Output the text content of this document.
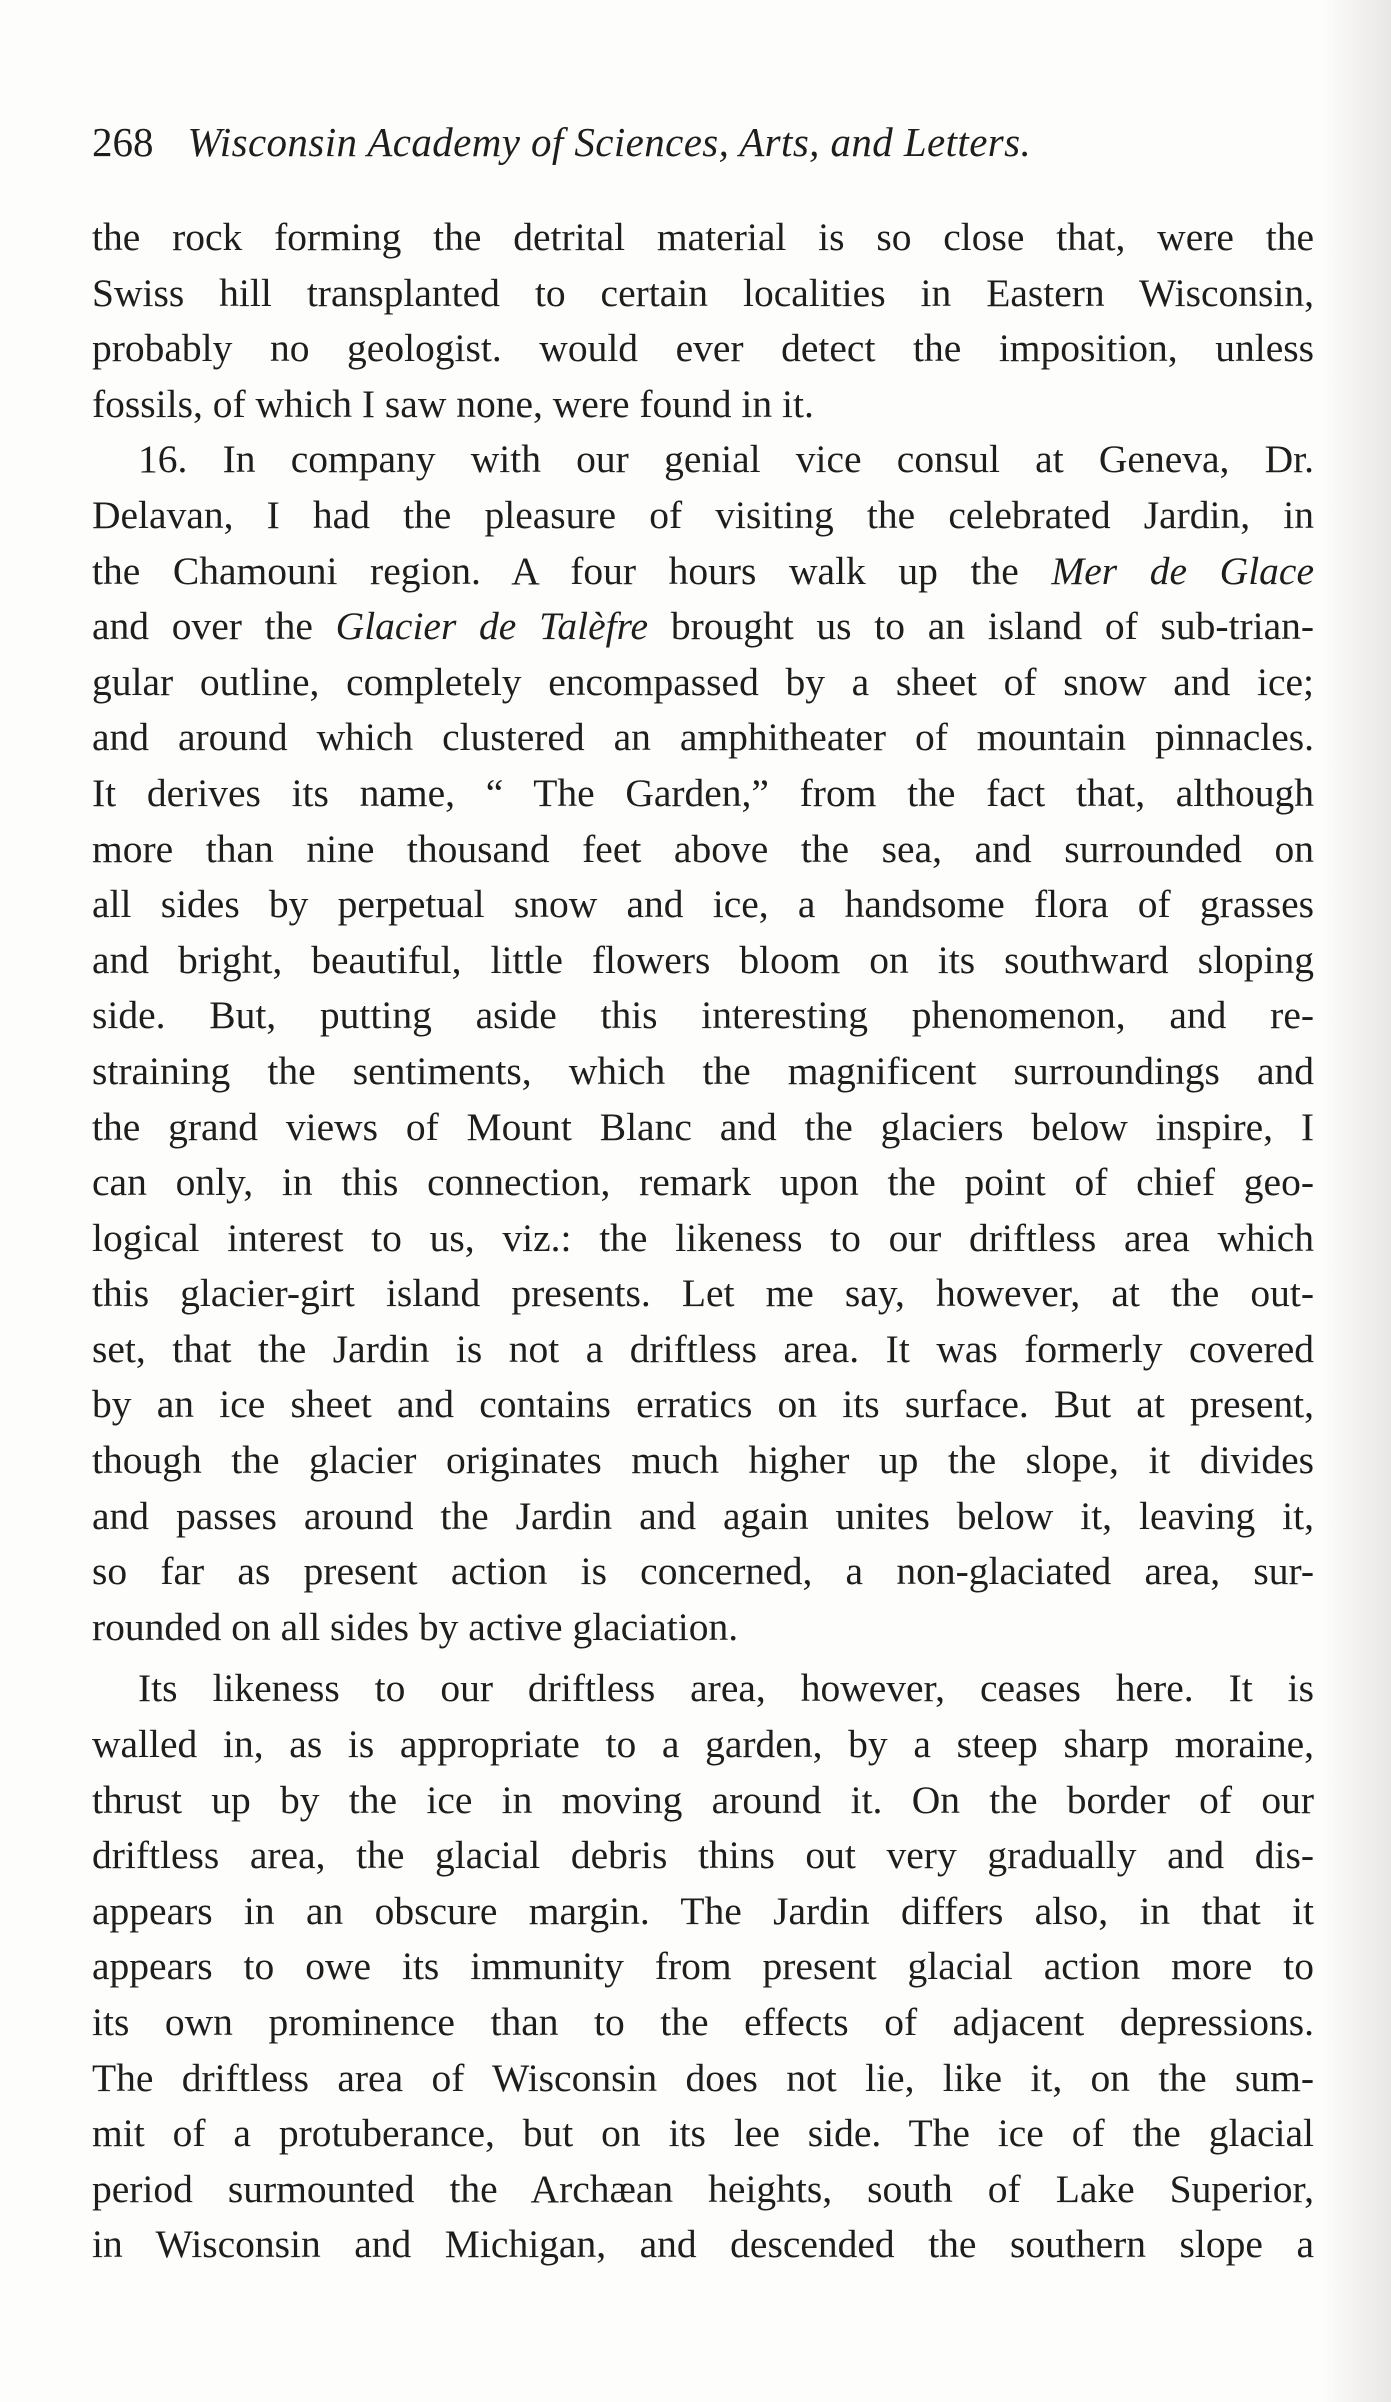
268 Wisconsin Academy of Sciences, Arts, and Letters.
the rock forming the detrital material is so close that, were the
Swiss hill transplanted to certain localities in Eastern Wisconsin,
probably no geologist. would ever detect the imposition, unless
fossils, of which I saw none, were found in it.
16. In company with our genial vice consul at Geneva, Dr.
Delavan, I had the pleasure of visiting the celebrated Jardin, in
the Chamouni region. A four hours walk up the Mer de Glace
and over the Glacier de Talèfre brought us to an island of sub-trian-
gular outline, completely encompassed by a sheet of snow and ice;
and around which clustered an amphitheater of mountain pinnacles.
It derives its name, “ The Garden,” from the fact that, although
more than nine thousand feet above the sea, and surrounded on
all sides by perpetual snow and ice, a handsome flora of grasses
and bright, beautiful, little flowers bloom on its southward sloping
side. But, putting aside this interesting phenomenon, and re-
straining the sentiments, which the magnificent surroundings and
the grand views of Mount Blanc and the glaciers below inspire, I
can only, in this connection, remark upon the point of chief geo-
logical interest to us, viz.: the likeness to our driftless area which
this glacier-girt island presents. Let me say, however, at the out-
set, that the Jardin is not a driftless area. It was formerly covered
by an ice sheet and contains erratics on its surface. But at present,
though the glacier originates much higher up the slope, it divides
and passes around the Jardin and again unites below it, leaving it,
so far as present action is concerned, a non-glaciated area, sur-
rounded on all sides by active glaciation.
Its likeness to our driftless area, however, ceases here. It is
walled in, as is appropriate to a garden, by a steep sharp moraine,
thrust up by the ice in moving around it. On the border of our
driftless area, the glacial debris thins out very gradually and dis-
appears in an obscure margin. The Jardin differs also, in that it
appears to owe its immunity from present glacial action more to
its own prominence than to the effects of adjacent depressions.
The driftless area of Wisconsin does not lie, like it, on the sum-
mit of a protuberance, but on its lee side. The ice of the glacial
period surmounted the Archæan heights, south of Lake Superior,
in Wisconsin and Michigan, and descended the southern slope a
